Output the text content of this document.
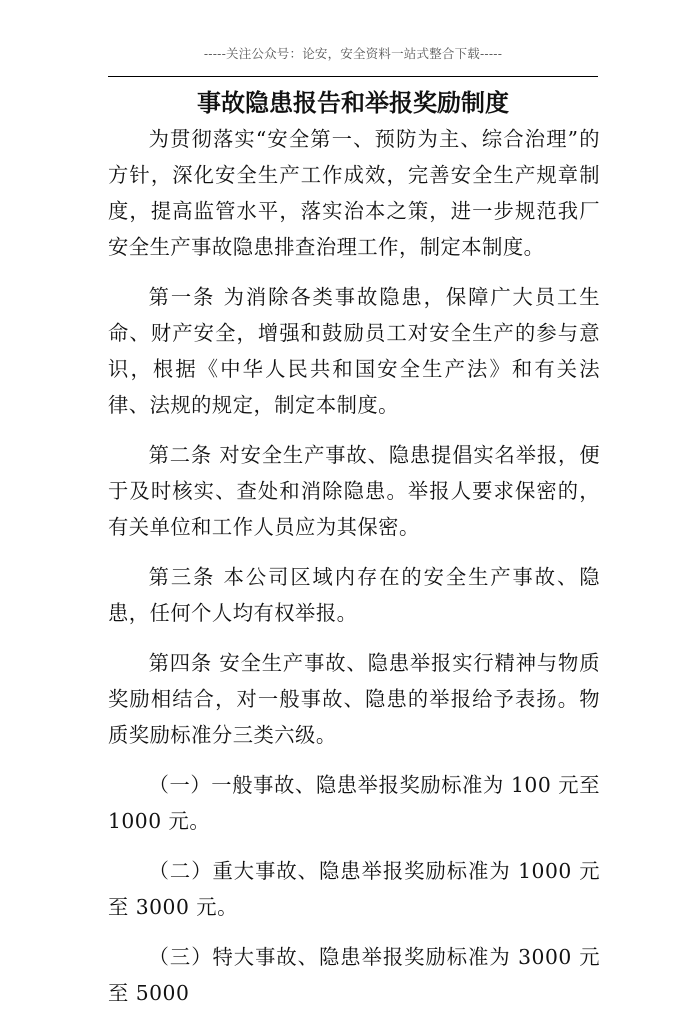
-----关注公众号：论安，安全资料一站式整合下载-----
事故隐患报告和举报奖励制度

为贯彻落实“安全第一、预防为主、综合治理”的方针，深化安全生产工作成效，完善安全生产规章制度，提高监管水平，落实治本之策，进一步规范我厂安全生产事故隐患排查治理工作，制定本制度。

第一条 为消除各类事故隐患，保障广大员工生命、财产安全，增强和鼓励员工对安全生产的参与意识，根据《中华人民共和国安全生产法》和有关法律、法规的规定，制定本制度。

第二条 对安全生产事故、隐患提倡实名举报，便于及时核实、查处和消除隐患。举报人要求保密的，有关单位和工作人员应为其保密。

第三条 本公司区域内存在的安全生产事故、隐患，任何个人均有权举报。

第四条 安全生产事故、隐患举报实行精神与物质奖励相结合，对一般事故、隐患的举报给予表扬。物质奖励标准分三类六级。

（一）一般事故、隐患举报奖励标准为 100 元至 1000 元。

（二）重大事故、隐患举报奖励标准为 1000 元至 3000 元。

（三）特大事故、隐患举报奖励标准为 3000 元至 5000
